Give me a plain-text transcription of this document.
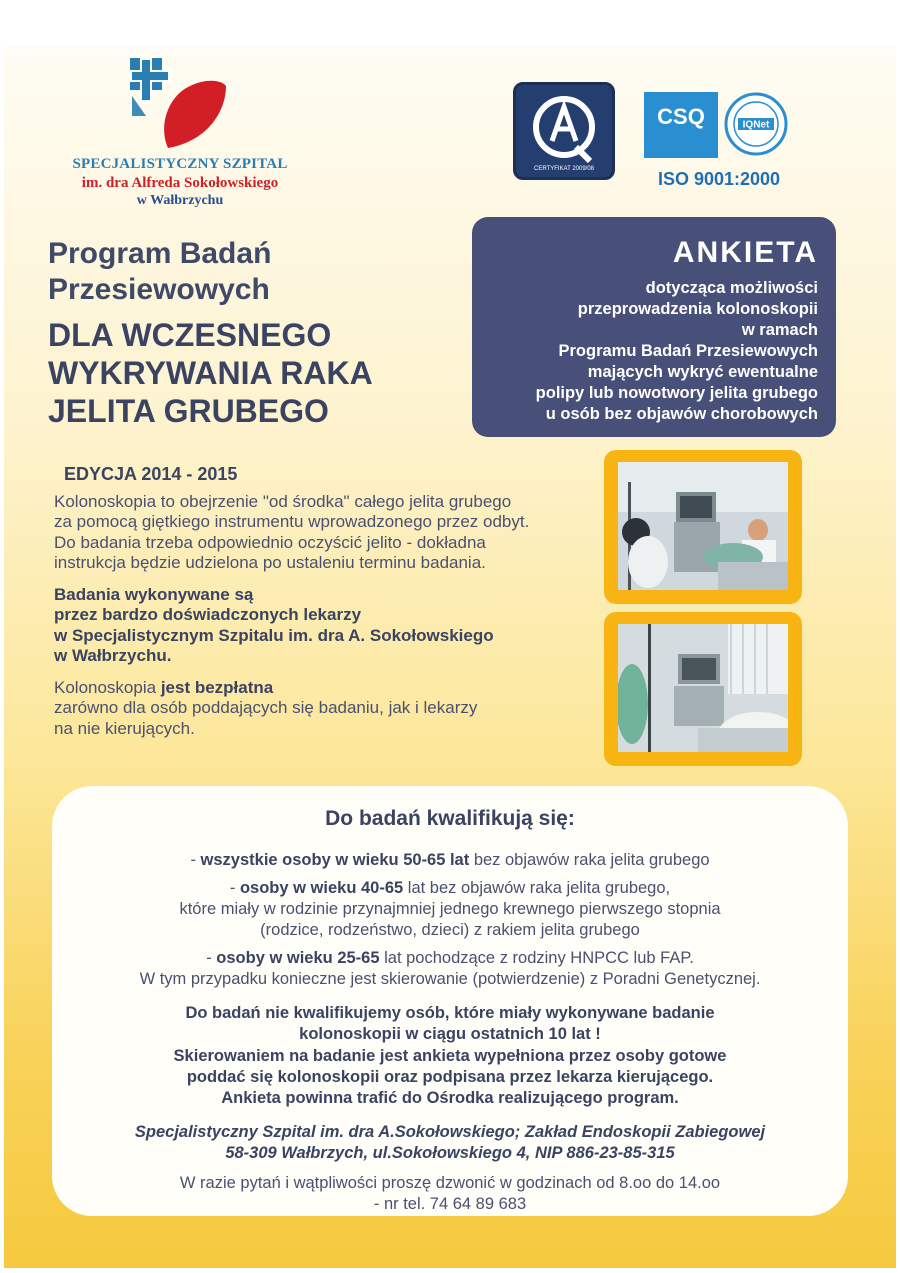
SPECJALISTYCZNY SZPITAL
im. dra Alfreda Sokołowskiego
w Wałbrzychu
CERTYFIKAT 2009/08
CSQ	IQNet
ISO 9001:2000
Program Badań
Przesiewowych
DLA WCZESNEGO
WYKRYWANIA RAKA
JELITA GRUBEGO
ANKIETA
dotycząca możliwości
przeprowadzenia kolonoskopii
w ramach
Programu Badań Przesiewowych
mających wykryć ewentualne
polipy lub nowotwory jelita grubego
u osób bez objawów chorobowych
EDYCJA 2014 - 2015
Kolonoskopia to obejrzenie "od środka" całego jelita grubego
za pomocą giętkiego instrumentu wprowadzonego przez odbyt.
Do badania trzeba odpowiednio oczyścić jelito - dokładna
instrukcja będzie udzielona po ustaleniu terminu badania.
Badania wykonywane są
przez bardzo doświadczonych lekarzy
w Specjalistycznym Szpitalu im. dra A. Sokołowskiego
w Wałbrzychu.
Kolonoskopia jest bezpłatna
zarówno dla osób poddających się badaniu, jak i lekarzy
na nie kierujących.
Do badań kwalifikują się:
- wszystkie osoby w wieku 50-65 lat bez objawów raka jelita grubego
- osoby w wieku 40-65 lat bez objawów raka jelita grubego,
które miały w rodzinie przynajmniej jednego krewnego pierwszego stopnia
(rodzice, rodzeństwo, dzieci) z rakiem jelita grubego
- osoby w wieku 25-65 lat pochodzące z rodziny HNPCC lub FAP.
W tym przypadku konieczne jest skierowanie (potwierdzenie) z Poradni Genetycznej.
Do badań nie kwalifikujemy osób, które miały wykonywane badanie
kolonoskopii w ciągu ostatnich 10 lat !
Skierowaniem na badanie jest ankieta wypełniona przez osoby gotowe
poddać się kolonoskopii oraz podpisana przez lekarza kierującego.
Ankieta powinna trafić do Ośrodka realizującego program.
Specjalistyczny Szpital im. dra A.Sokołowskiego; Zakład Endoskopii Zabiegowej
58-309 Wałbrzych, ul.Sokołowskiego 4, NIP 886-23-85-315
W razie pytań i wątpliwości proszę dzwonić w godzinach od 8.oo do 14.oo
- nr tel. 74 64 89 683
